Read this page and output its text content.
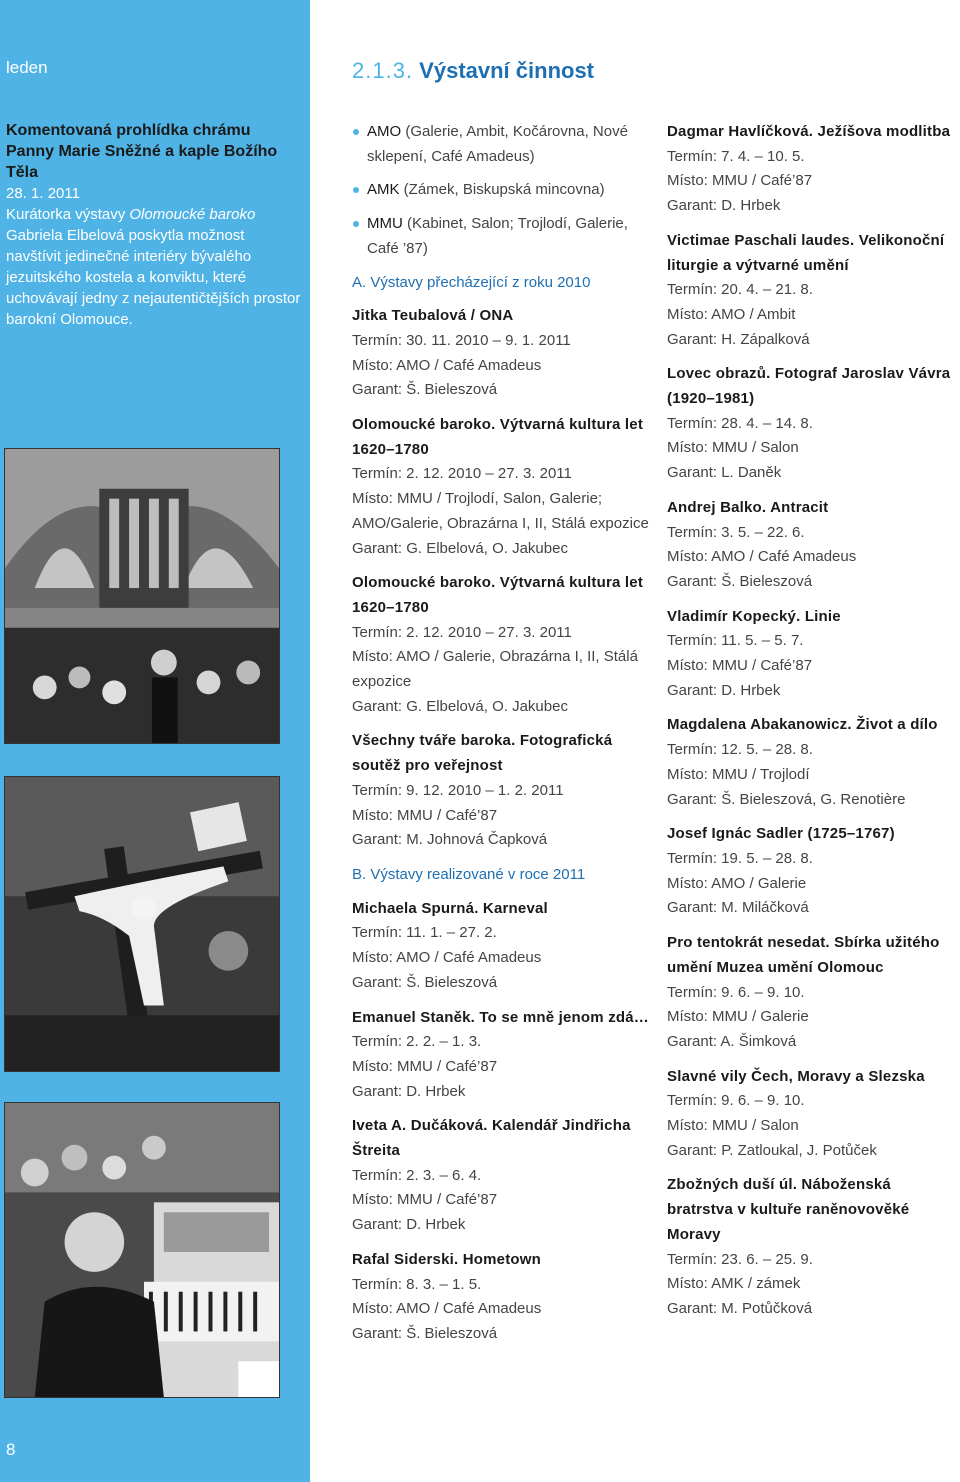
leden
Komentovaná prohlídka chrámu Panny Marie Sněžné a kaple Božího Těla
28. 1. 2011
Kurátorka výstavy Olomoucké baroko Gabriela Elbelová poskytla možnost navštívit jedinečné interiéry bývalého jezuitského kostela a konviktu, které uchovávají jedny z nejautentičtějších prostor barokní Olomouce.
8
2.1.3. Výstavní činnost
AMO (Galerie, Ambit, Kočárovna, Nové sklepení, Café Amadeus)
AMK (Zámek, Biskupská mincovna)
MMU (Kabinet, Salon; Trojlodí, Galerie, Café ’87)
A. Výstavy přecházející z roku 2010
Jitka Teubalová / ONA
Termín: 30. 11. 2010 – 9. 1. 2011
Místo: AMO / Café Amadeus
Garant: Š. Bieleszová
Olomoucké baroko. Výtvarná kultura let 1620–1780
Termín: 2. 12. 2010 – 27. 3. 2011
Místo: MMU / Trojlodí, Salon, Galerie; AMO/Galerie, Obrazárna I, II, Stálá expozice
Garant: G. Elbelová, O. Jakubec
Olomoucké baroko. Výtvarná kultura let 1620–1780
Termín: 2. 12. 2010 – 27. 3. 2011
Místo: AMO / Galerie, Obrazárna I, II, Stálá expozice
Garant: G. Elbelová, O. Jakubec
Všechny tváře baroka. Fotografická soutěž pro veřejnost
Termín: 9. 12. 2010 – 1. 2. 2011
Místo: MMU / Café’87
Garant: M. Johnová Čapková
B. Výstavy realizované v roce 2011
Michaela Spurná. Karneval
Termín: 11. 1. – 27. 2.
Místo: AMO / Café Amadeus
Garant: Š. Bieleszová
Emanuel Staněk. To se mně jenom zdá…
Termín: 2. 2. – 1. 3.
Místo: MMU / Café’87
Garant: D. Hrbek
Iveta A. Dučáková. Kalendář Jindřicha Štreita
Termín: 2. 3. – 6. 4.
Místo: MMU / Café’87
Garant: D. Hrbek
Rafal Siderski. Hometown
Termín: 8. 3. – 1. 5.
Místo: AMO / Café Amadeus
Garant: Š. Bieleszová
Dagmar Havlíčková. Ježíšova modlitba
Termín: 7. 4. – 10. 5.
Místo: MMU / Café’87
Garant: D. Hrbek
Victimae Paschali laudes. Velikonoční liturgie a výtvarné umění
Termín: 20. 4. – 21. 8.
Místo: AMO / Ambit
Garant: H. Zápalková
Lovec obrazů. Fotograf Jaroslav Vávra (1920–1981)
Termín: 28. 4. – 14. 8.
Místo: MMU / Salon
Garant: L. Daněk
Andrej Balko. Antracit
Termín: 3. 5. – 22. 6.
Místo: AMO / Café Amadeus
Garant: Š. Bieleszová
Vladimír Kopecký. Linie
Termín: 11. 5. – 5. 7.
Místo: MMU / Café’87
Garant: D. Hrbek
Magdalena Abakanowicz. Život a dílo
Termín: 12. 5. – 28. 8.
Místo: MMU / Trojlodí
Garant: Š. Bieleszová, G. Renotière
Josef Ignác Sadler (1725–1767)
Termín: 19. 5. – 28. 8.
Místo: AMO / Galerie
Garant: M. Miláčková
Pro tentokrát nesedat. Sbírka užitého umění Muzea umění Olomouc
Termín: 9. 6. – 9. 10.
Místo: MMU / Galerie
Garant: A. Šimková
Slavné vily Čech, Moravy a Slezska
Termín: 9. 6. – 9. 10.
Místo: MMU / Salon
Garant: P. Zatloukal, J. Potůček
Zbožných duší úl. Náboženská bratrstva v kultuře raněnovověké Moravy
Termín: 23. 6. – 25. 9.
Místo: AMK / zámek
Garant: M. Potůčková
